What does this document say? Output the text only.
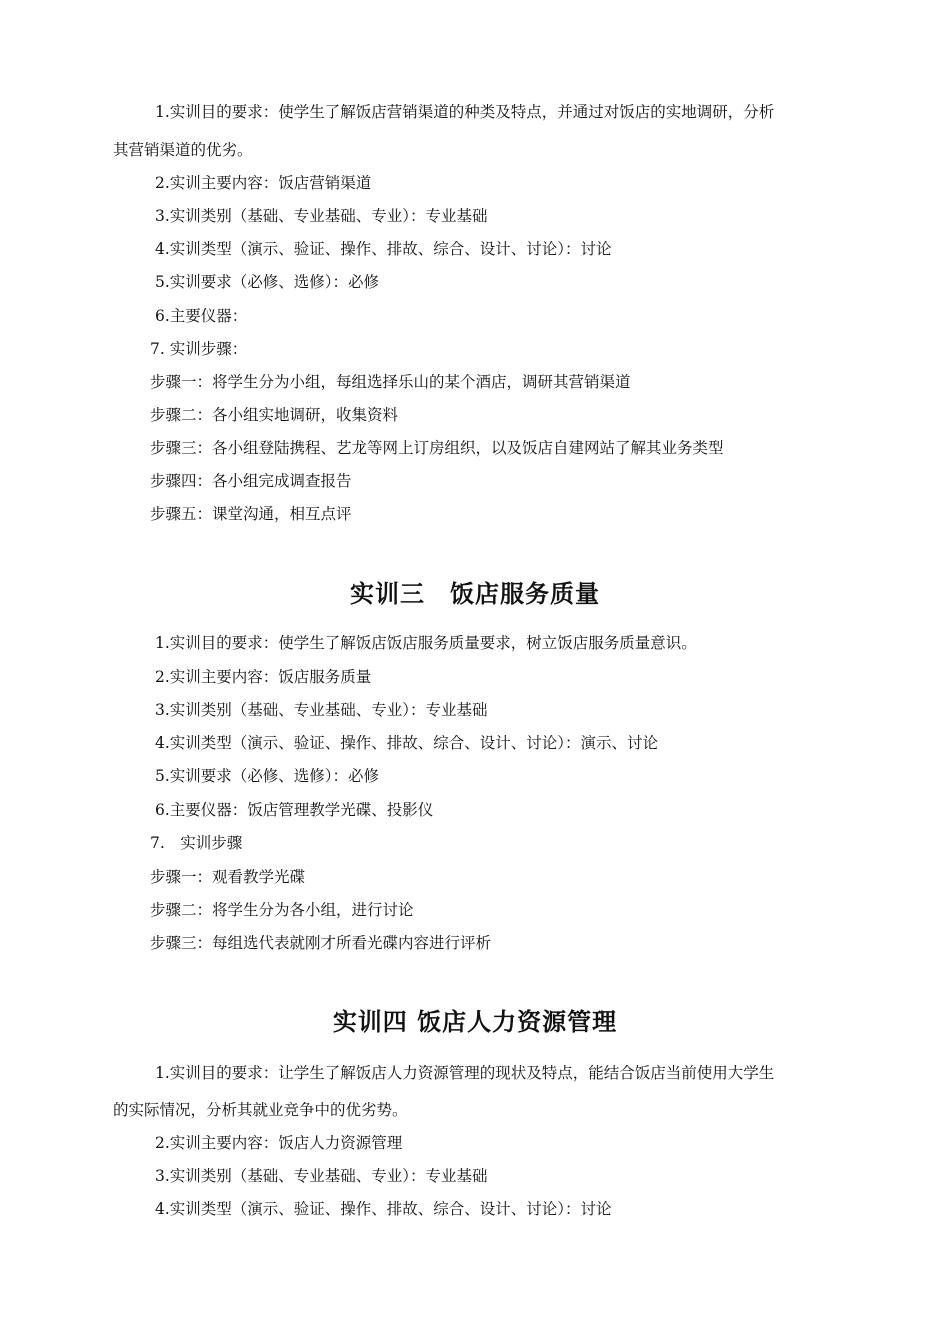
1.实训目的要求：使学生了解饭店营销渠道的种类及特点，并通过对饭店的实地调研，分析
其营销渠道的优劣。
2.实训主要内容：饭店营销渠道
3.实训类别（基础、专业基础、专业）：专业基础
4.实训类型（演示、验证、操作、排故、综合、设计、讨论）：讨论
5.实训要求（必修、选修）：必修
6.主要仪器：
7. 实训步骤：
步骤一：将学生分为小组，每组选择乐山的某个酒店，调研其营销渠道
步骤二：各小组实地调研，收集资料
步骤三：各小组登陆携程、艺龙等网上订房组织，以及饭店自建网站了解其业务类型
步骤四：各小组完成调查报告
步骤五：课堂沟通，相互点评
实训三　饭店服务质量
1.实训目的要求：使学生了解饭店饭店服务质量要求，树立饭店服务质量意识。
2.实训主要内容：饭店服务质量
3.实训类别（基础、专业基础、专业）：专业基础
4.实训类型（演示、验证、操作、排故、综合、设计、讨论）：演示、讨论
5.实训要求（必修、选修）：必修
6.主要仪器：饭店管理教学光碟、投影仪
7.　实训步骤
步骤一：观看教学光碟
步骤二：将学生分为各小组，进行讨论
步骤三：每组选代表就刚才所看光碟内容进行评析
实训四 饭店人力资源管理
1.实训目的要求：让学生了解饭店人力资源管理的现状及特点，能结合饭店当前使用大学生
的实际情况，分析其就业竞争中的优劣势。
2.实训主要内容：饭店人力资源管理
3.实训类别（基础、专业基础、专业）：专业基础
4.实训类型（演示、验证、操作、排故、综合、设计、讨论）：讨论
